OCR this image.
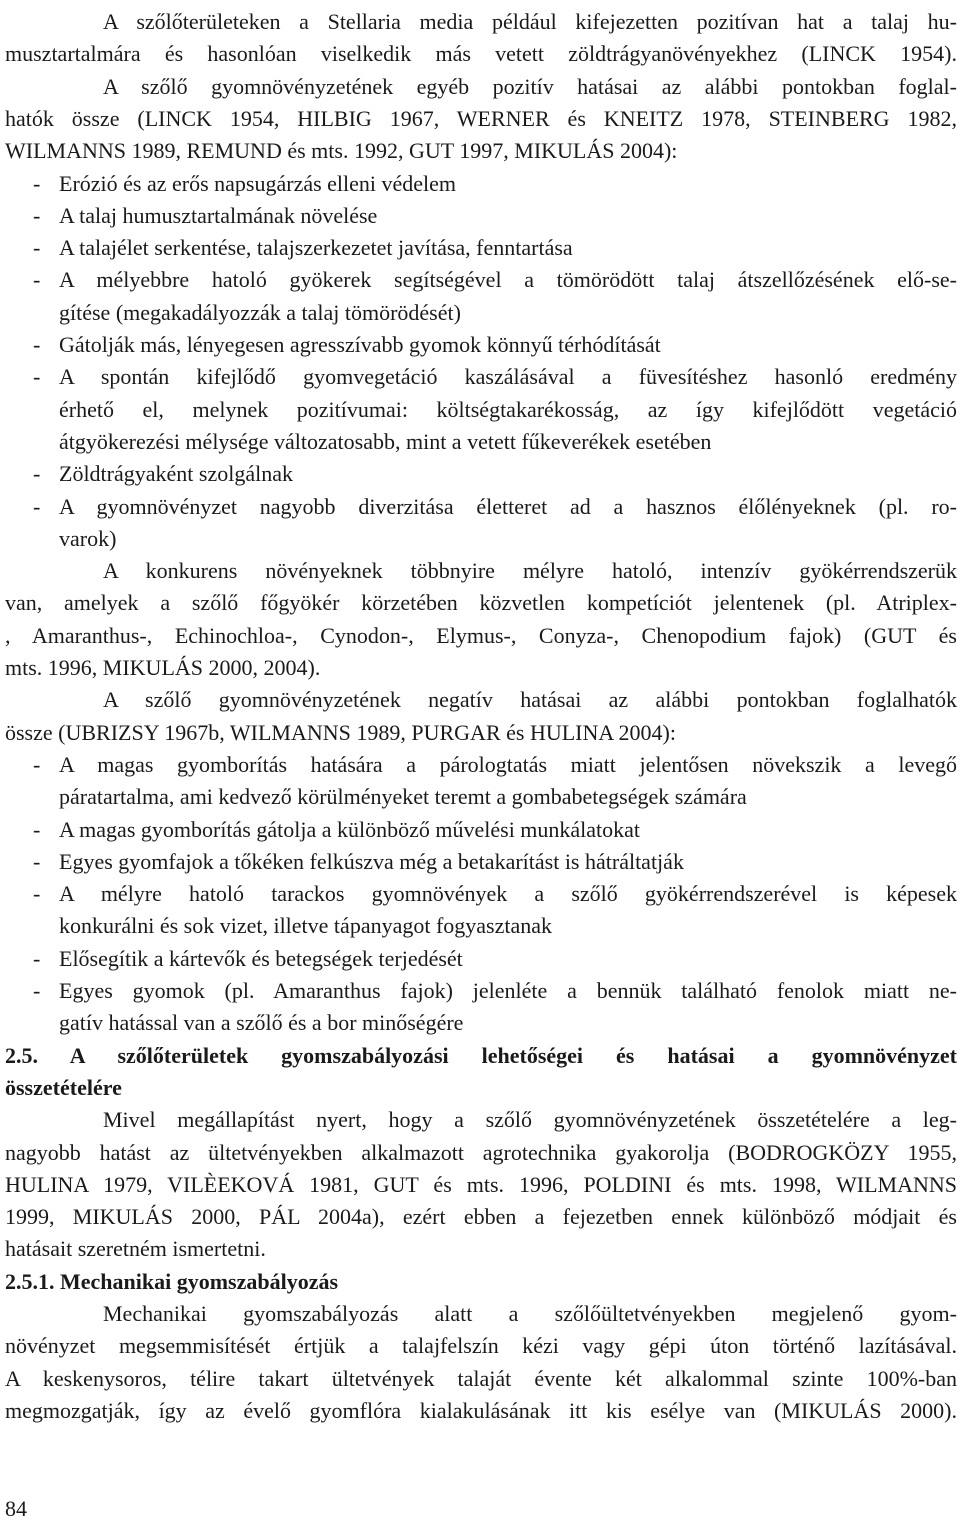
A szőlőterületeken a Stellaria media például kifejezetten pozitívan hat a talaj hu-
musztartalmára és hasonlóan viselkedik más vetett zöldtrágyanövényekhez (LINCK 1954).
A szőlő gyomnövényzetének egyéb pozitív hatásai az alábbi pontokban foglal-
hatók össze (LINCK 1954, HILBIG 1967, WERNER és KNEITZ 1978, STEINBERG 1982,
WILMANNS 1989, REMUND és mts. 1992, GUT 1997, MIKULÁS 2004):
- Erózió és az erős napsugárzás elleni védelem
- A talaj humusztartalmának növelése
- A talajélet serkentése, talajszerkezetet javítása, fenntartása
- A mélyebbre hatoló gyökerek segítségével a tömörödött talaj átszellőzésének elő-se-
gítése (megakadályozzák a talaj tömörödését)
- Gátolják más, lényegesen agresszívabb gyomok könnyű térhódítását
- A spontán kifejlődő gyomvegetáció kaszálásával a füvesítéshez hasonló eredmény
érhető el, melynek pozitívumai: költségtakarékosság, az így kifejlődött vegetáció
átgyökerezési mélysége változatosabb, mint a vetett fűkeverékek esetében
- Zöldtrágyaként szolgálnak
- A gyomnövényzet nagyobb diverzitása életteret ad a hasznos élőlényeknek (pl. ro-
varok)
A konkurens növényeknek többnyire mélyre hatoló, intenzív gyökérrendszerük
van, amelyek a szőlő főgyökér körzetében közvetlen kompetíciót jelentenek (pl. Atriplex-
, Amaranthus-, Echinochloa-, Cynodon-, Elymus-, Conyza-, Chenopodium fajok) (GUT és
mts. 1996, MIKULÁS 2000, 2004).
A szőlő gyomnövényzetének negatív hatásai az alábbi pontokban foglalhatók
össze (UBRIZSY 1967b, WILMANNS 1989, PURGAR és HULINA 2004):
- A magas gyomborítás hatására a párologtatás miatt jelentősen növekszik a levegő
páratartalma, ami kedvező körülményeket teremt a gombabetegségek számára
- A magas gyomborítás gátolja a különböző művelési munkálatokat
- Egyes gyomfajok a tőkéken felkúszva még a betakarítást is hátráltatják
- A mélyre hatoló tarackos gyomnövények a szőlő gyökérrendszerével is képesek
konkurálni és sok vizet, illetve tápanyagot fogyasztanak
- Elősegítik a kártevők és betegségek terjedését
- Egyes gyomok (pl. Amaranthus fajok) jelenléte a bennük található fenolok miatt ne-
gatív hatással van a szőlő és a bor minőségére
2.5. A szőlőterületek gyomszabályozási lehetőségei és hatásai a gyomnövényzet
összetételére
Mivel megállapítást nyert, hogy a szőlő gyomnövényzetének összetételére a leg-
nagyobb hatást az ültetvényekben alkalmazott agrotechnika gyakorolja (BODROGKÖZY 1955,
HULINA 1979, VILÈEKOVÁ 1981, GUT és mts. 1996, POLDINI és mts. 1998, WILMANNS
1999, MIKULÁS 2000, PÁL 2004a), ezért ebben a fejezetben ennek különböző módjait és
hatásait szeretném ismertetni.
2.5.1. Mechanikai gyomszabályozás
Mechanikai gyomszabályozás alatt a szőlőültetvényekben megjelenő gyom-
növényzet megsemmisítését értjük a talajfelszín kézi vagy gépi úton történő lazításával.
A keskenysoros, télire takart ültetvények talaját évente két alkalommal szinte 100%-ban
megmozgatják, így az évelő gyomflóra kialakulásának itt kis esélye van (MIKULÁS 2000).
84
